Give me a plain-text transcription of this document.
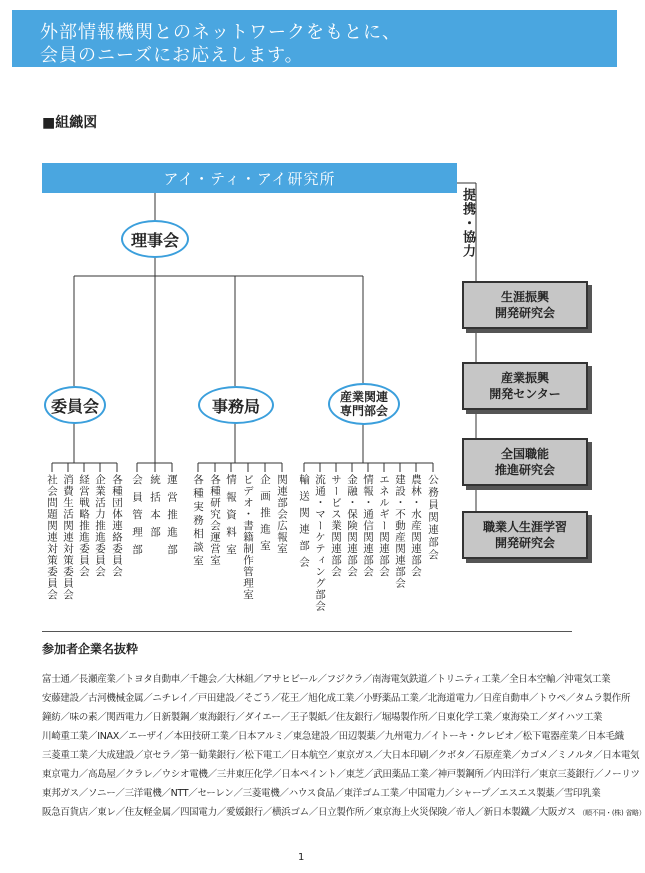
外部情報機関とのネットワークをもとに、
会員のニーズにお応えします。
■組織図
アイ・ティ・アイ研究所
理事会
委員会	事務局	産業関連
専門部会
提携・協力
各種団体連絡委員会
企業活力推進委員会
経営戦略推進委員会
消費生活関連対策委員会
社会問題関連対策委員会	運営推進部
統括本部
会員管理部	関連部会広報室
企画推進室
ビデオ・書籍制作管理室
情報資料室
各種研究会運営室
各種実務相談室	公務員関連部会
農林・水産関連部会
建設・不動産関連部会
エネルギー関連部会
情報・通信関連部会
金融・保険関連部会
サービス業関連部会
流通・マーケティング部会
輸送関連部会
生涯振興
開発研究会
産業振興
開発センター
全国職能
推進研究会
職業人生涯学習
開発研究会
参加者企業名抜粋
富士通／長瀬産業／トヨタ自動車／千趣会／大林組／アサヒビール／フジクラ／南海電気鉄道／トリニティ工業／全日本空輸／沖電気工業
安藤建設／古河機械金属／ニチレイ／戸田建設／そごう／花王／旭化成工業／小野薬品工業／北海道電力／日産自動車／トウペ／タムラ製作所
鐘紡／味の素／関西電力／日新製鋼／東海銀行／ダイエー／王子製紙／住友銀行／堀場製作所／日東化学工業／東海染工／ダイハツ工業
川崎重工業／INAX／エーザイ／本田技研工業／日本アルミ／東急建設／田辺製薬／九州電力／イトーキ・クレビオ／松下電器産業／日本毛織
三菱重工業／大成建設／京セラ／第一勧業銀行／松下電工／日本航空／東京ガス／大日本印刷／クボタ／石原産業／カゴメ／ミノルタ／日本電気
東京電力／高島屋／クラレ／ウシオ電機／三井東圧化学／日本ペイント／東芝／武田薬品工業／神戸製鋼所／内田洋行／東京三菱銀行／ノーリツ
東邦ガス／ソニー／三洋電機／NTT／セーレン／三菱電機／ハウス食品／東洋ゴム工業／中国電力／シャープ／エスエス製薬／雪印乳業
阪急百貨店／東レ／住友軽金属／四国電力／愛媛銀行／横浜ゴム／日立製作所／東京海上火災保険／帝人／新日本製鐵／大阪ガス （順不同・(株) 省略）
1
